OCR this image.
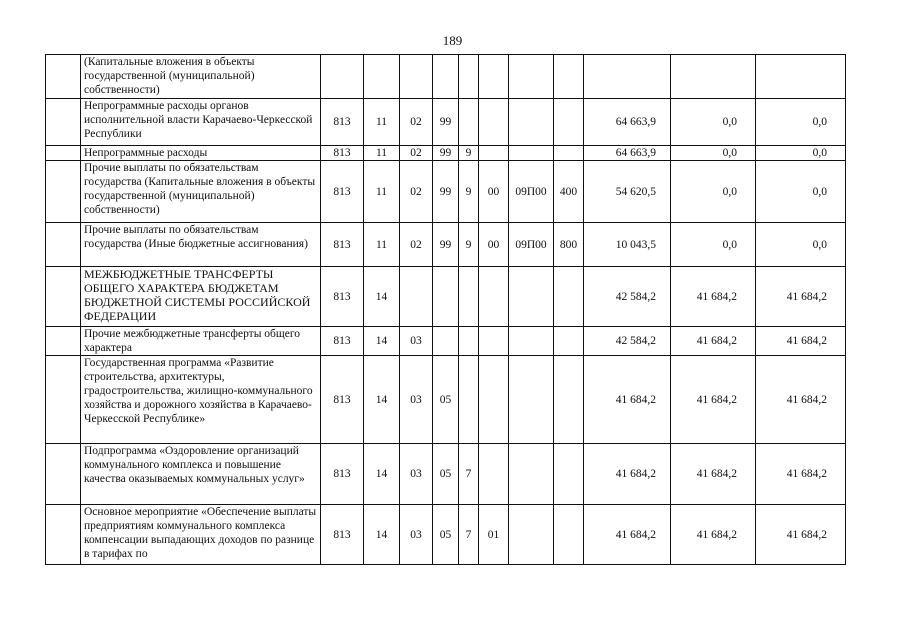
189
	(Капитальные вложения в объекты государственной (муниципальной) собственности)											
	Непрограммные расходы органов исполнительной власти Карачаево-Черкесской Республики	813	11	02	99					64 663,9	0,0	0,0
	Непрограммные расходы	813	11	02	99	9				64 663,9	0,0	0,0
	Прочие выплаты по обязательствам государства (Капитальные вложения в объекты государственной (муниципальной) собственности)	813	11	02	99	9	00	09П00	400	54 620,5	0,0	0,0
	Прочие выплаты по обязательствам государства (Иные бюджетные ассигнования)	813	11	02	99	9	00	09П00	800	10 043,5	0,0	0,0
	МЕЖБЮДЖЕТНЫЕ ТРАНСФЕРТЫ ОБЩЕГО ХАРАКТЕРА БЮДЖЕТАМ БЮДЖЕТНОЙ СИСТЕМЫ РОССИЙСКОЙ ФЕДЕРАЦИИ	813	14							42 584,2	41 684,2	41 684,2
	Прочие межбюджетные трансферты общего характера	813	14	03						42 584,2	41 684,2	41 684,2
	Государственная программа «Развитие строительства, архитектуры, градостроительства, жилищно-коммунального хозяйства и дорожного хозяйства в Карачаево-Черкесской Республике»	813	14	03	05					41 684,2	41 684,2	41 684,2
	Подпрограмма «Оздоровление организаций коммунального комплекса и повышение качества оказываемых коммунальных услуг»	813	14	03	05	7				41 684,2	41 684,2	41 684,2
	Основное мероприятие «Обеспечение выплаты предприятиям коммунального комплекса компенсации выпадающих доходов по разнице в тарифах по	813	14	03	05	7	01			41 684,2	41 684,2	41 684,2
